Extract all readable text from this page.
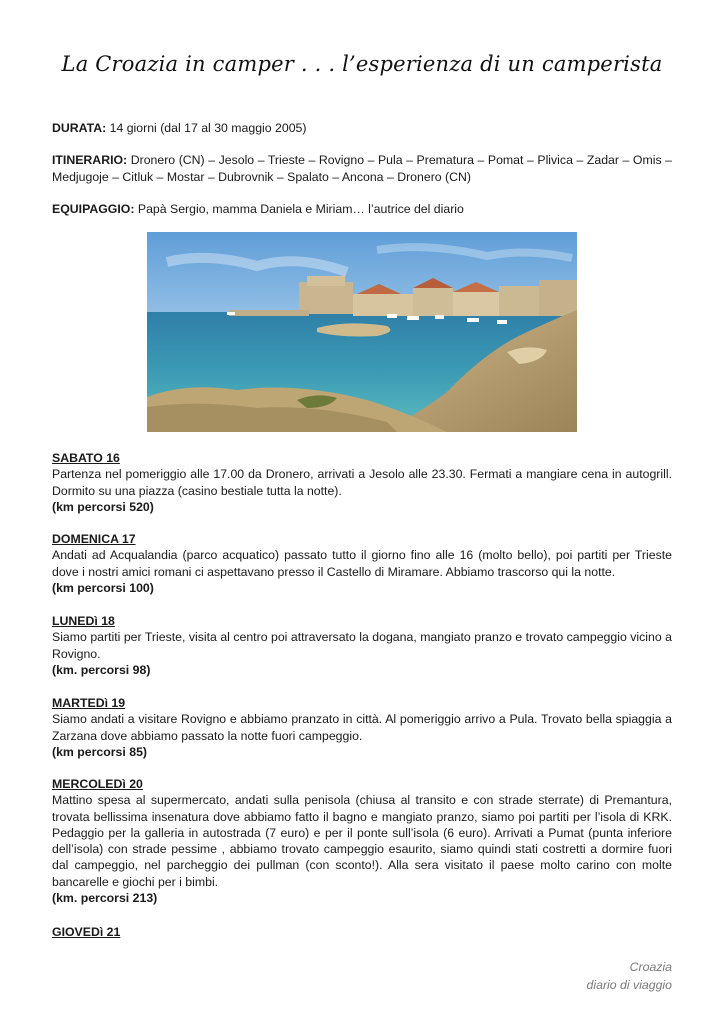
La Croazia in camper . . . l’esperienza di un camperista
DURATA: 14 giorni (dal 17 al 30 maggio 2005)
ITINERARIO: Dronero (CN) – Jesolo – Trieste – Rovigno – Pula – Prematura – Pomat – Plivica – Zadar – Omis – Medjugoje – Citluk – Mostar – Dubrovnik – Spalato – Ancona – Dronero (CN)
EQUIPAGGIO: Papà Sergio, mamma Daniela e Miriam… l’autrice del diario
SABATO 16
Partenza nel pomeriggio alle 17.00 da Dronero, arrivati a Jesolo alle 23.30. Fermati a mangiare cena in autogrill. Dormito su una piazza (casino bestiale tutta la notte).
(km percorsi 520)
DOMENICA 17
Andati ad Acqualandia (parco acquatico) passato tutto il giorno fino alle 16 (molto bello), poi partiti per Trieste dove i nostri amici romani ci aspettavano presso il Castello di Miramare. Abbiamo trascorso qui la notte.
(km percorsi 100)
LUNEDì 18
Siamo partiti per Trieste, visita al centro poi attraversato la dogana, mangiato pranzo e trovato campeggio vicino a Rovigno.
(km. percorsi 98)
MARTEDì 19
Siamo andati a visitare Rovigno e abbiamo pranzato in città. Al pomeriggio arrivo a Pula. Trovato bella spiaggia a Zarzana dove abbiamo passato la notte fuori campeggio.
(km percorsi 85)
MERCOLEDì 20
Mattino spesa al supermercato, andati sulla penisola (chiusa al transito e con strade sterrate) di Premantura, trovata bellissima insenatura dove abbiamo fatto il bagno e mangiato pranzo, siamo poi partiti per l’isola di KRK. Pedaggio per la galleria in autostrada (7 euro) e per il ponte sull’isola (6 euro). Arrivati a Pumat (punta inferiore dell’isola) con strade pessime , abbiamo trovato campeggio esaurito, siamo quindi stati costretti a dormire fuori dal campeggio, nel parcheggio dei pullman (con sconto!). Alla sera visitato il paese molto carino con molte bancarelle e giochi per i bimbi.
(km. percorsi 213)
GIOVEDì 21
Croazia
diario di viaggio
